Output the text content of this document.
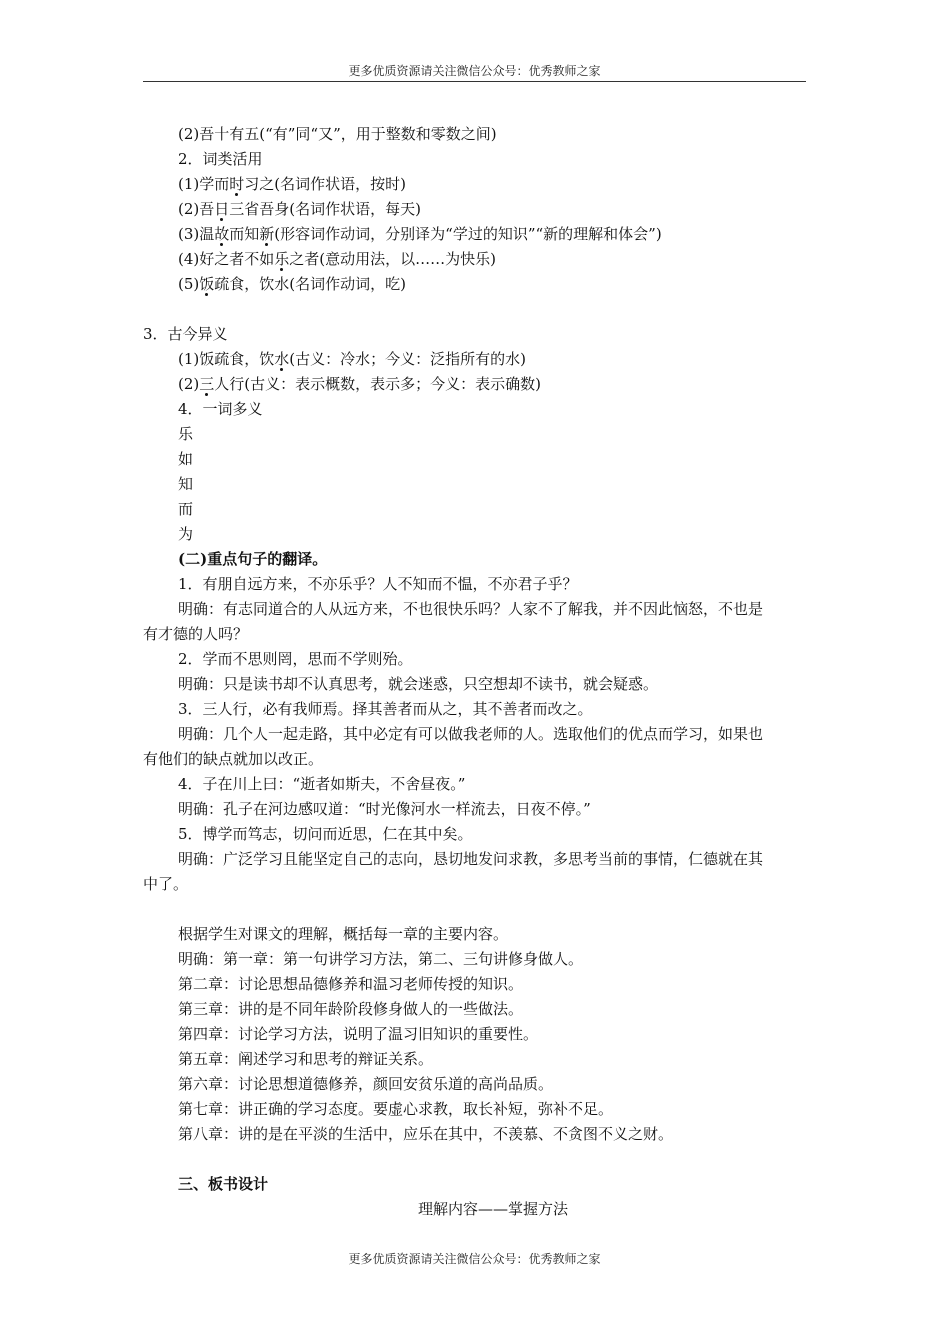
更多优质资源请关注微信公众号：优秀教师之家
(2)吾十有五(“有”同“又”，用于整数和零数之间)
2．词类活用
(1)学而时习之(名词作状语，按时)
(2)吾日三省吾身(名词作状语，每天)
(3)温故而知新(形容词作动词，分别译为“学过的知识”“新的理解和体会”)
(4)好之者不如乐之者(意动用法，以……为快乐)
(5)饭疏食，饮水(名词作动词，吃)
3．古今异义
(1)饭疏食，饮水(古义：冷水；今义：泛指所有的水)
(2)三人行(古义：表示概数，表示多；今义：表示确数)
4．一词多义
乐
如
知
而
为
(二)重点句子的翻译。
1．有朋自远方来，不亦乐乎？人不知而不愠，不亦君子乎？
明确：有志同道合的人从远方来，不也很快乐吗？人家不了解我，并不因此恼怒，不也是
有才德的人吗？
2．学而不思则罔，思而不学则殆。
明确：只是读书却不认真思考，就会迷惑，只空想却不读书，就会疑惑。
3．三人行，必有我师焉。择其善者而从之，其不善者而改之。
明确：几个人一起走路，其中必定有可以做我老师的人。选取他们的优点而学习，如果也
有他们的缺点就加以改正。
4．子在川上曰：“逝者如斯夫，不舍昼夜。”
明确：孔子在河边感叹道：“时光像河水一样流去，日夜不停。”
5．博学而笃志，切问而近思，仁在其中矣。
明确：广泛学习且能坚定自己的志向，恳切地发问求教，多思考当前的事情，仁德就在其
中了。
根据学生对课文的理解，概括每一章的主要内容。
明确：第一章：第一句讲学习方法，第二、三句讲修身做人。
第二章：讨论思想品德修养和温习老师传授的知识。
第三章：讲的是不同年龄阶段修身做人的一些做法。
第四章：讨论学习方法，说明了温习旧知识的重要性。
第五章：阐述学习和思考的辩证关系。
第六章：讨论思想道德修养，颜回安贫乐道的高尚品质。
第七章：讲正确的学习态度。要虚心求教，取长补短，弥补不足。
第八章：讲的是在平淡的生活中，应乐在其中，不羡慕、不贪图不义之财。
三、板书设计
理解内容——掌握方法
更多优质资源请关注微信公众号：优秀教师之家
